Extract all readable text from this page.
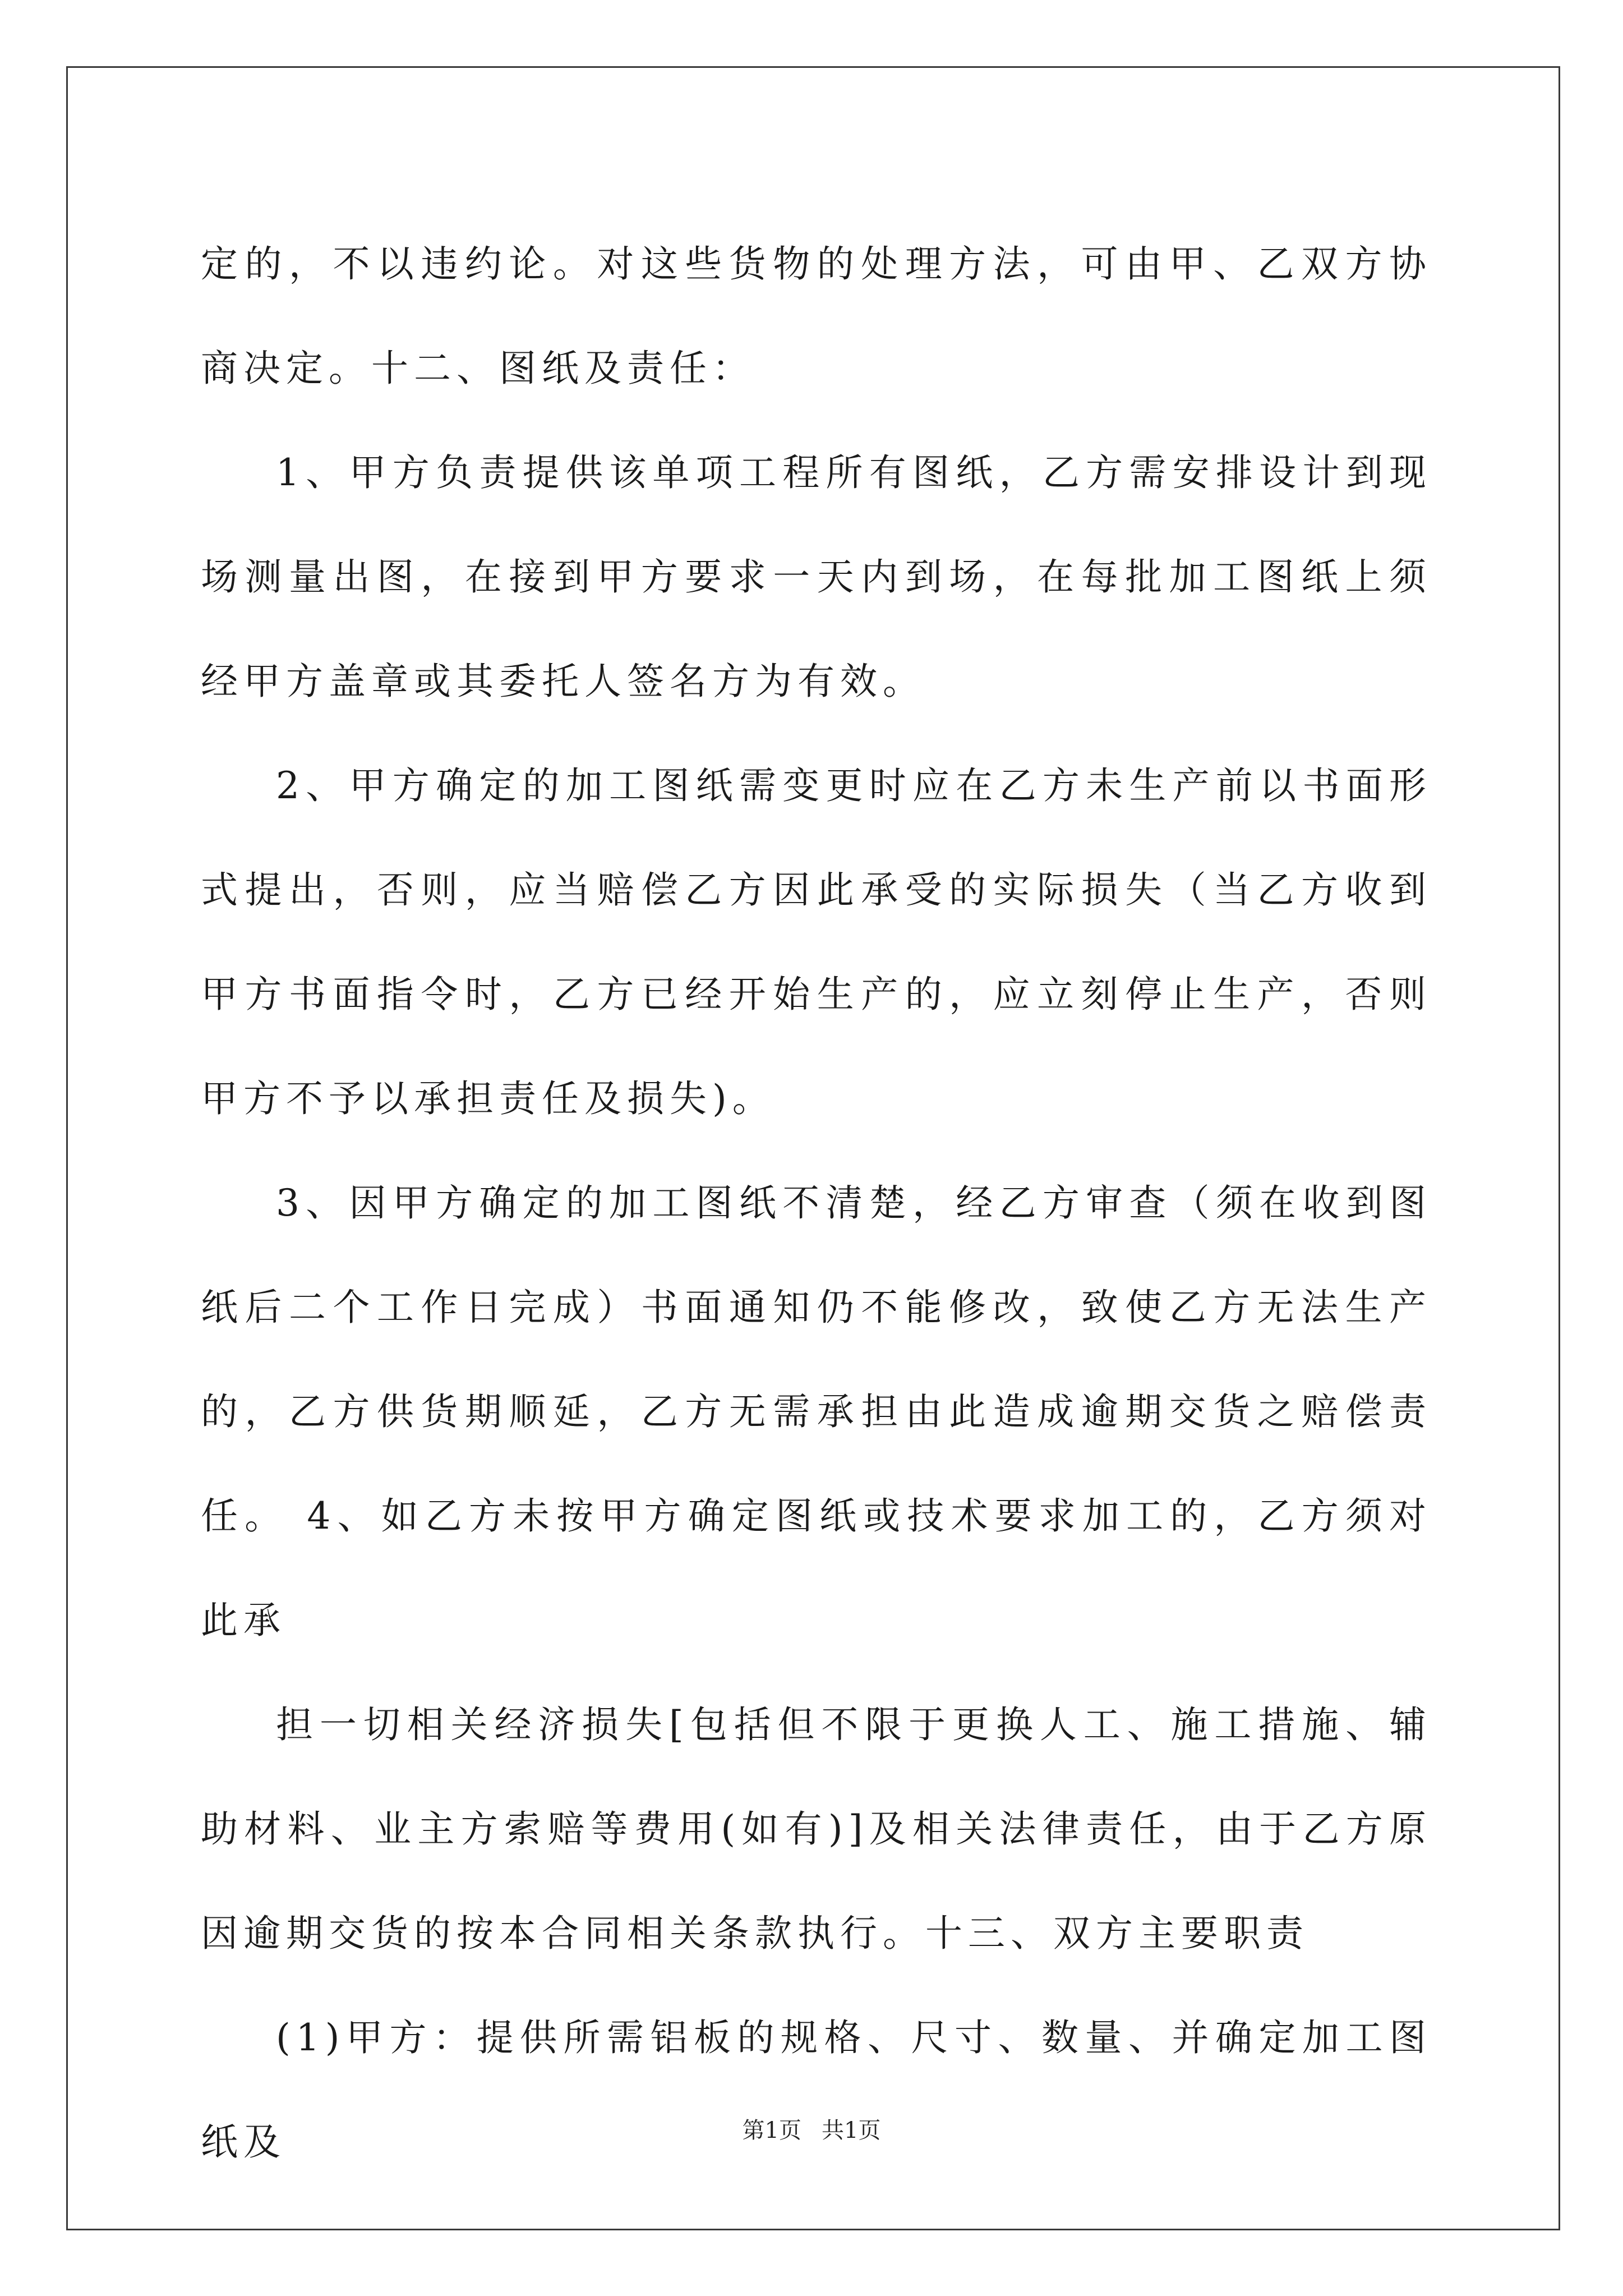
定的，不以违约论。对这些货物的处理方法，可由甲、乙双方协商决定。十二、图纸及责任：

1、甲方负责提供该单项工程所有图纸，乙方需安排设计到现场测量出图，在接到甲方要求一天内到场，在每批加工图纸上须经甲方盖章或其委托人签名方为有效。

2、甲方确定的加工图纸需变更时应在乙方未生产前以书面形式提出，否则，应当赔偿乙方因此承受的实际损失（当乙方收到甲方书面指令时，乙方已经开始生产的，应立刻停止生产，否则甲方不予以承担责任及损失)。

3、因甲方确定的加工图纸不清楚，经乙方审查（须在收到图纸后二个工作日完成）书面通知仍不能修改，致使乙方无法生产的，乙方供货期顺延，乙方无需承担由此造成逾期交货之赔偿责任。 4、如乙方未按甲方确定图纸或技术要求加工的，乙方须对此承

担一切相关经济损失[包括但不限于更换人工、施工措施、辅助材料、业主方索赔等费用(如有)]及相关法律责任，由于乙方原因逾期交货的按本合同相关条款执行。十三、双方主要职责

(1)甲方：提供所需铝板的规格、尺寸、数量、并确定加工图纸及	第1页 共1页
